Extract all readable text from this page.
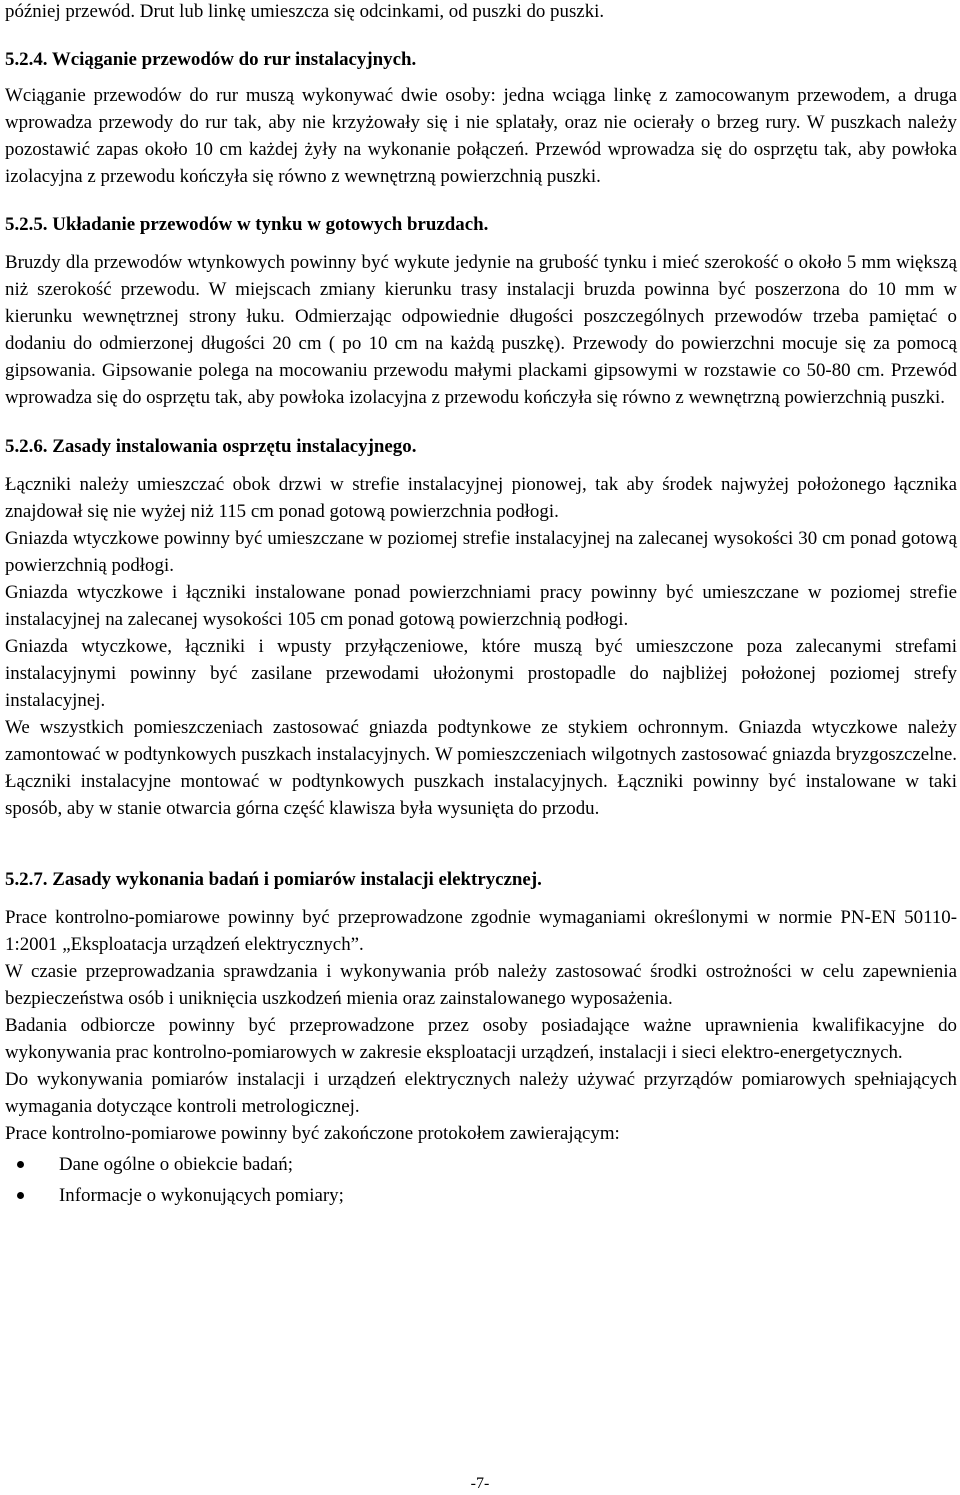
później przewód. Drut lub linkę umieszcza się odcinkami, od puszki do puszki.

5.2.4. Wciąganie przewodów do rur instalacyjnych.

Wciąganie przewodów do rur muszą wykonywać dwie osoby: jedna wciąga linkę z zamocowanym przewodem, a druga wprowadza przewody do rur tak, aby nie krzyżowały się i nie splatały, oraz nie ocierały o brzeg rury. W puszkach należy pozostawić zapas około 10 cm każdej żyły na wykonanie połączeń. Przewód wprowadza się do osprzętu tak, aby powłoka izolacyjna z przewodu kończyła się równo z wewnętrzną powierzchnią puszki.

5.2.5. Układanie przewodów w tynku w gotowych bruzdach.

Bruzdy dla przewodów wtynkowych powinny być wykute jedynie na grubość tynku i mieć szerokość o około 5 mm większą niż szerokość przewodu. W miejscach zmiany kierunku trasy instalacji bruzda powinna być poszerzona do 10 mm w kierunku wewnętrznej strony łuku. Odmierzając odpowiednie długości poszczególnych przewodów trzeba pamiętać o dodaniu do odmierzonej długości 20 cm ( po 10 cm na każdą puszkę). Przewody do powierzchni mocuje się za pomocą gipsowania. Gipsowanie polega na mocowaniu przewodu małymi plackami gipsowymi w rozstawie co 50-80 cm. Przewód wprowadza się do osprzętu tak, aby powłoka izolacyjna z przewodu kończyła się równo z wewnętrzną powierzchnią puszki.

5.2.6. Zasady instalowania osprzętu instalacyjnego.

Łączniki należy umieszczać obok drzwi w strefie instalacyjnej pionowej, tak aby środek najwyżej położonego łącznika znajdował się nie wyżej niż 115 cm ponad gotową powierzchnia podłogi.

Gniazda wtyczkowe powinny być umieszczane w poziomej strefie instalacyjnej na zalecanej wysokości 30 cm ponad gotową powierzchnią podłogi.

Gniazda wtyczkowe i łączniki instalowane ponad powierzchniami pracy powinny być umieszczane w poziomej strefie instalacyjnej na zalecanej wysokości 105 cm ponad gotową powierzchnią podłogi.

Gniazda wtyczkowe, łączniki i wpusty przyłączeniowe, które muszą być umieszczone poza zalecanymi strefami instalacyjnymi powinny być zasilane przewodami ułożonymi prostopadle do najbliżej położonej poziomej strefy instalacyjnej.

We wszystkich pomieszczeniach zastosować gniazda podtynkowe ze stykiem ochronnym. Gniazda wtyczkowe należy zamontować w podtynkowych puszkach instalacyjnych. W pomieszczeniach wilgotnych zastosować gniazda bryzgoszczelne. Łączniki instalacyjne montować w podtynkowych puszkach instalacyjnych. Łączniki powinny być instalowane w taki sposób, aby w stanie otwarcia górna część klawisza była wysunięta do przodu.

5.2.7. Zasady wykonania badań i pomiarów instalacji elektrycznej.

Prace kontrolno-pomiarowe powinny być przeprowadzone zgodnie wymaganiami określonymi w normie PN-EN 50110-1:2001 „Eksploatacja urządzeń elektrycznych”.

W czasie przeprowadzania sprawdzania i wykonywania prób należy zastosować środki ostrożności w celu zapewnienia bezpieczeństwa osób i uniknięcia uszkodzeń mienia oraz zainstalowanego wyposażenia.

Badania odbiorcze powinny być przeprowadzone przez osoby posiadające ważne uprawnienia kwalifikacyjne do wykonywania prac kontrolno-pomiarowych w zakresie eksploatacji urządzeń, instalacji i sieci elektro-energetycznych.

Do wykonywania pomiarów instalacji i urządzeń elektrycznych należy używać przyrządów pomiarowych spełniających wymagania dotyczące kontroli metrologicznej.

Prace kontrolno-pomiarowe powinny być zakończone protokołem zawierającym:

Dane ogólne o obiekcie badań;
Informacje o wykonujących pomiary;
-7-
